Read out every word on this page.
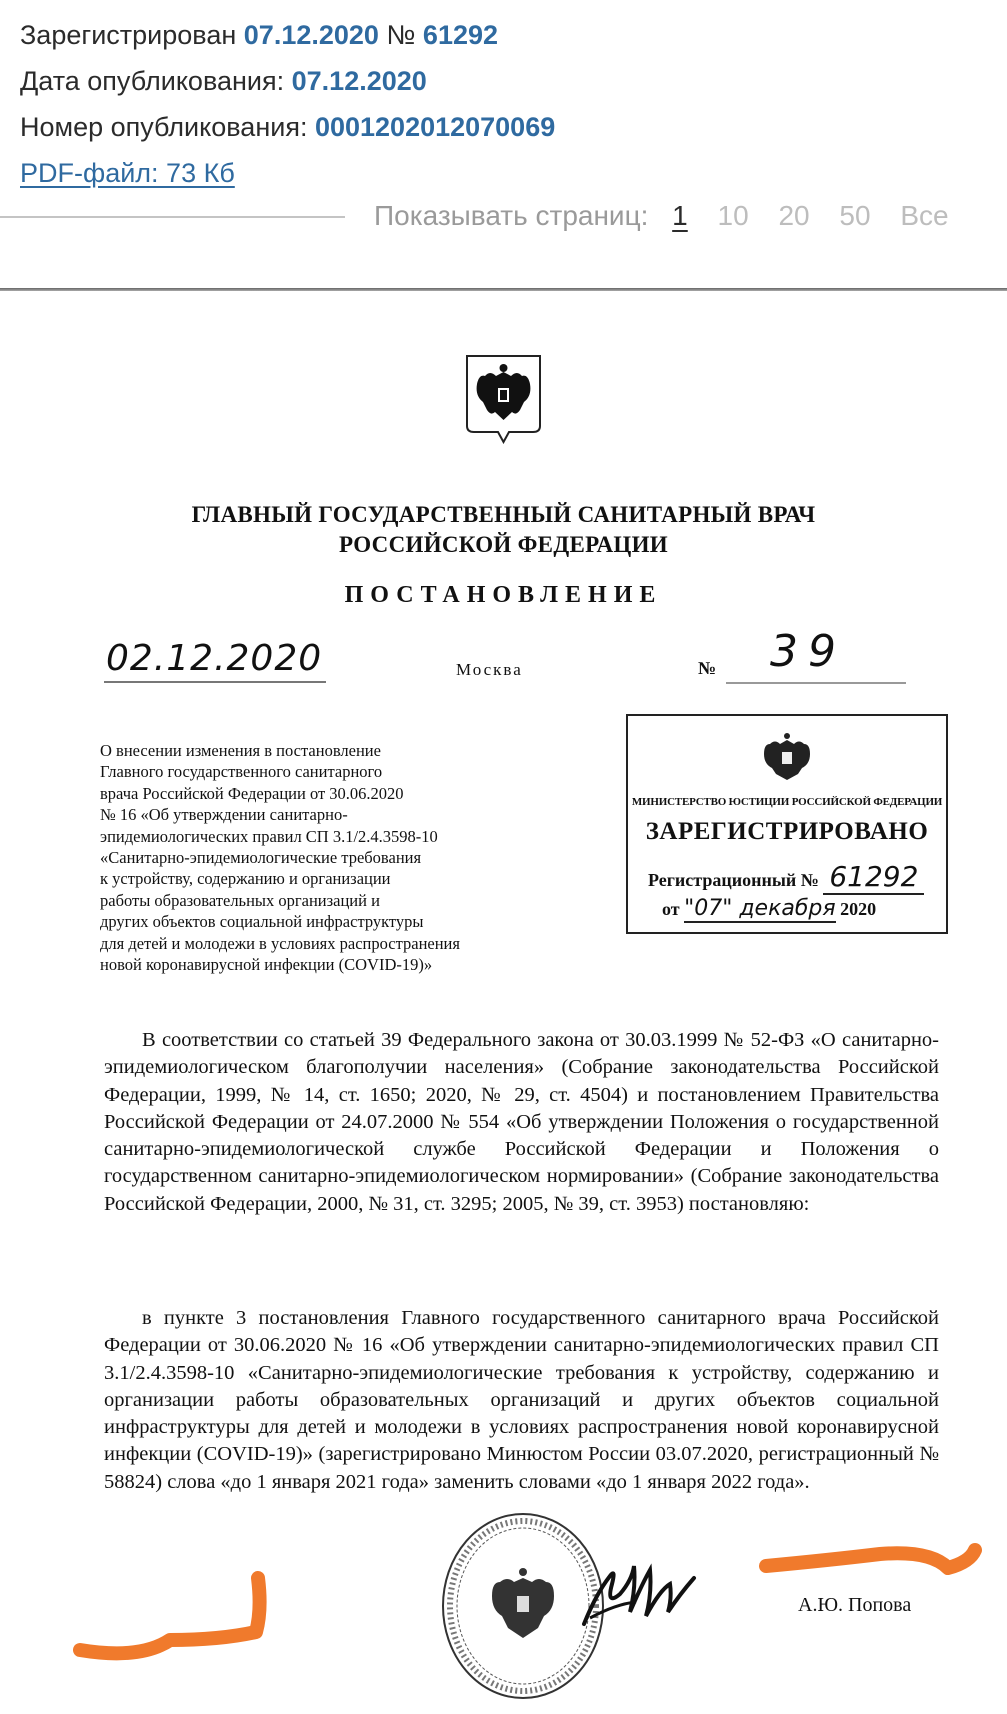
Зарегистрирован 07.12.2020 № 61292
Дата опубликования: 07.12.2020
Номер опубликования: 0001202012070069
PDF-файл: 73 Кб
Показывать страниц: 1 10 20 50 Все
ГЛАВНЫЙ ГОСУДАРСТВЕННЫЙ САНИТАРНЫЙ ВРАЧ
РОССИЙСКОЙ ФЕДЕРАЦИИ
ПОСТАНОВЛЕНИЕ
02.12.2020	Москва	№ 39
О внесении изменения в постановление
Главного государственного санитарного
врача Российской Федерации от 30.06.2020
№ 16 «Об утверждении санитарно-
эпидемиологических правил СП 3.1/2.4.3598-10
«Санитарно-эпидемиологические требования
к устройству, содержанию и организации
работы образовательных организаций и
других объектов социальной инфраструктуры
для детей и молодежи в условиях распространения
новой коронавирусной инфекции (COVID-19)»
МИНИСТЕРСТВО ЮСТИЦИИ РОССИЙСКОЙ ФЕДЕРАЦИИ
ЗАРЕГИСТРИРОВАНО
Регистрационный № 61292
от "07" декабря 2020
В соответствии со статьей 39 Федерального закона от 30.03.1999 № 52-ФЗ «О санитарно-эпидемиологическом благополучии населения» (Собрание законодательства Российской Федерации, 1999, № 14, ст. 1650; 2020, № 29, ст. 4504) и постановлением Правительства Российской Федерации от 24.07.2000 № 554 «Об утверждении Положения о государственной санитарно-эпидемиологической службе Российской Федерации и Положения о государственном санитарно-эпидемиологическом нормировании» (Собрание законодательства Российской Федерации, 2000, № 31, ст. 3295; 2005, № 39, ст. 3953) постановляю:
в пункте 3 постановления Главного государственного санитарного врача Российской Федерации от 30.06.2020 № 16 «Об утверждении санитарно-эпидемиологических правил СП 3.1/2.4.3598-10 «Санитарно-эпидемиологические требования к устройству, содержанию и организации работы образовательных организаций и других объектов социальной инфраструктуры для детей и молодежи в условиях распространения новой коронавирусной инфекции (COVID-19)» (зарегистрировано Минюстом России 03.07.2020, регистрационный № 58824) слова «до 1 января 2021 года» заменить словами «до 1 января 2022 года».
А.Ю. Попова
